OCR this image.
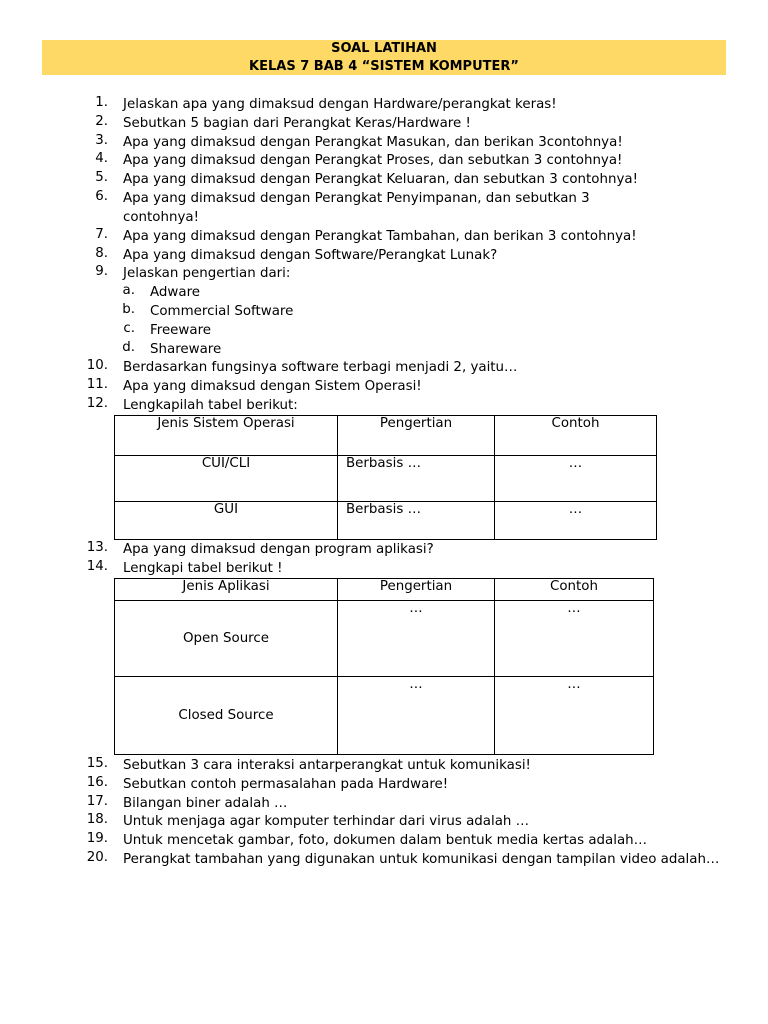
SOAL LATIHAN
KELAS 7 BAB 4 “SISTEM KOMPUTER”
1. Jelaskan apa yang dimaksud dengan Hardware/perangkat keras!
2. Sebutkan 5 bagian dari Perangkat Keras/Hardware !
3. Apa yang dimaksud dengan Perangkat Masukan, dan berikan 3contohnya!
4. Apa yang dimaksud dengan Perangkat Proses, dan sebutkan 3 contohnya!
5. Apa yang dimaksud dengan Perangkat Keluaran, dan sebutkan 3 contohnya!
6. Apa yang dimaksud dengan Perangkat Penyimpanan, dan sebutkan 3 contohnya!
7. Apa yang dimaksud dengan Perangkat Tambahan, dan berikan 3 contohnya!
8. Apa yang dimaksud dengan Software/Perangkat Lunak?
9. Jelaskan pengertian dari:
a. Adware
b. Commercial Software
c. Freeware
d. Shareware
10. Berdasarkan fungsinya software terbagi menjadi 2, yaitu…
11. Apa yang dimaksud dengan Sistem Operasi!
12. Lengkapilah tabel berikut:
Jenis Sistem Operasi	Pengertian	Contoh
CUI/CLI	Berbasis …	…
GUI	Berbasis …	…
13. Apa yang dimaksud dengan program aplikasi?
14. Lengkapi tabel berikut !
Jenis Aplikasi	Pengertian	Contoh
Open Source	…	…
Closed Source	…	…
15. Sebutkan 3 cara interaksi antarperangkat untuk komunikasi!
16. Sebutkan contoh permasalahan pada Hardware!
17. Bilangan biner adalah …
18. Untuk menjaga agar komputer terhindar dari virus adalah …
19. Untuk mencetak gambar, foto, dokumen dalam bentuk media kertas adalah…
20. Perangkat tambahan yang digunakan untuk komunikasi dengan tampilan video adalah…
